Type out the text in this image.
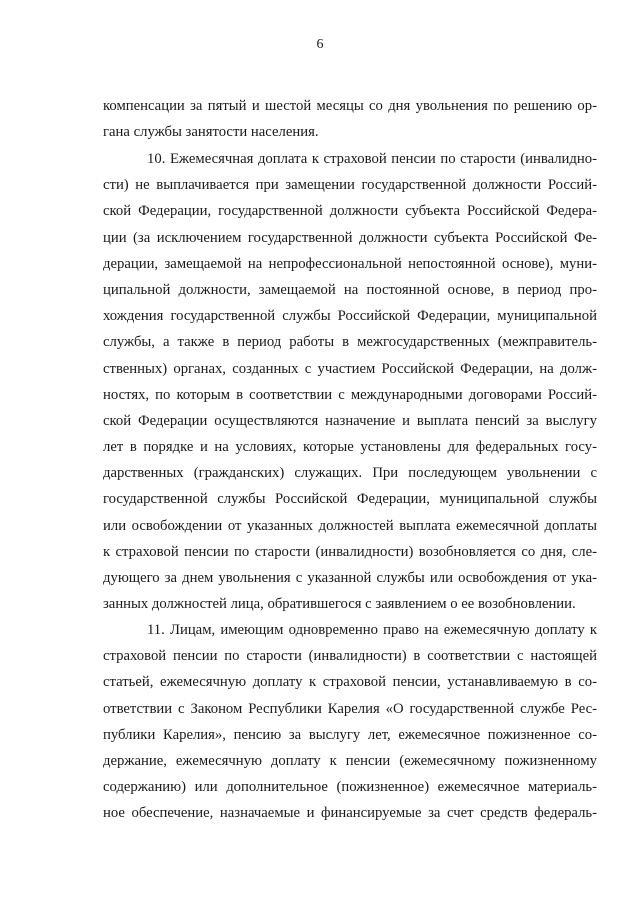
6
компенсации за пятый и шестой месяцы со дня увольнения по решению ор-
гана службы занятости населения.
10. Ежемесячная доплата к страховой пенсии по старости (инвалидно-
сти) не выплачивается при замещении государственной должности Россий-
ской Федерации, государственной должности субъекта Российской Федера-
ции (за исключением государственной должности субъекта Российской Фе-
дерации, замещаемой на непрофессиональной непостоянной основе), муни-
ципальной должности, замещаемой на постоянной основе, в период про-
хождения государственной службы Российской Федерации, муниципальной
службы, а также в период работы в межгосударственных (межправитель-
ственных) органах, созданных с участием Российской Федерации, на долж-
ностях, по которым в соответствии с международными договорами Россий-
ской Федерации осуществляются назначение и выплата пенсий за выслугу
лет в порядке и на условиях, которые установлены для федеральных госу-
дарственных (гражданских) служащих. При последующем увольнении с
государственной службы Российской Федерации, муниципальной службы
или освобождении от указанных должностей выплата ежемесячной доплаты
к страховой пенсии по старости (инвалидности) возобновляется со дня, сле-
дующего за днем увольнения с указанной службы или освобождения от ука-
занных должностей лица, обратившегося с заявлением о ее возобновлении.
11. Лицам, имеющим одновременно право на ежемесячную доплату к
страховой пенсии по старости (инвалидности) в соответствии с настоящей
статьей, ежемесячную доплату к страховой пенсии, устанавливаемую в со-
ответствии с Законом Республики Карелия «О государственной службе Рес-
публики Карелия», пенсию за выслугу лет, ежемесячное пожизненное со-
держание, ежемесячную доплату к пенсии (ежемесячному пожизненному
содержанию) или дополнительное (пожизненное) ежемесячное материаль-
ное обеспечение, назначаемые и финансируемые за счет средств федераль-
